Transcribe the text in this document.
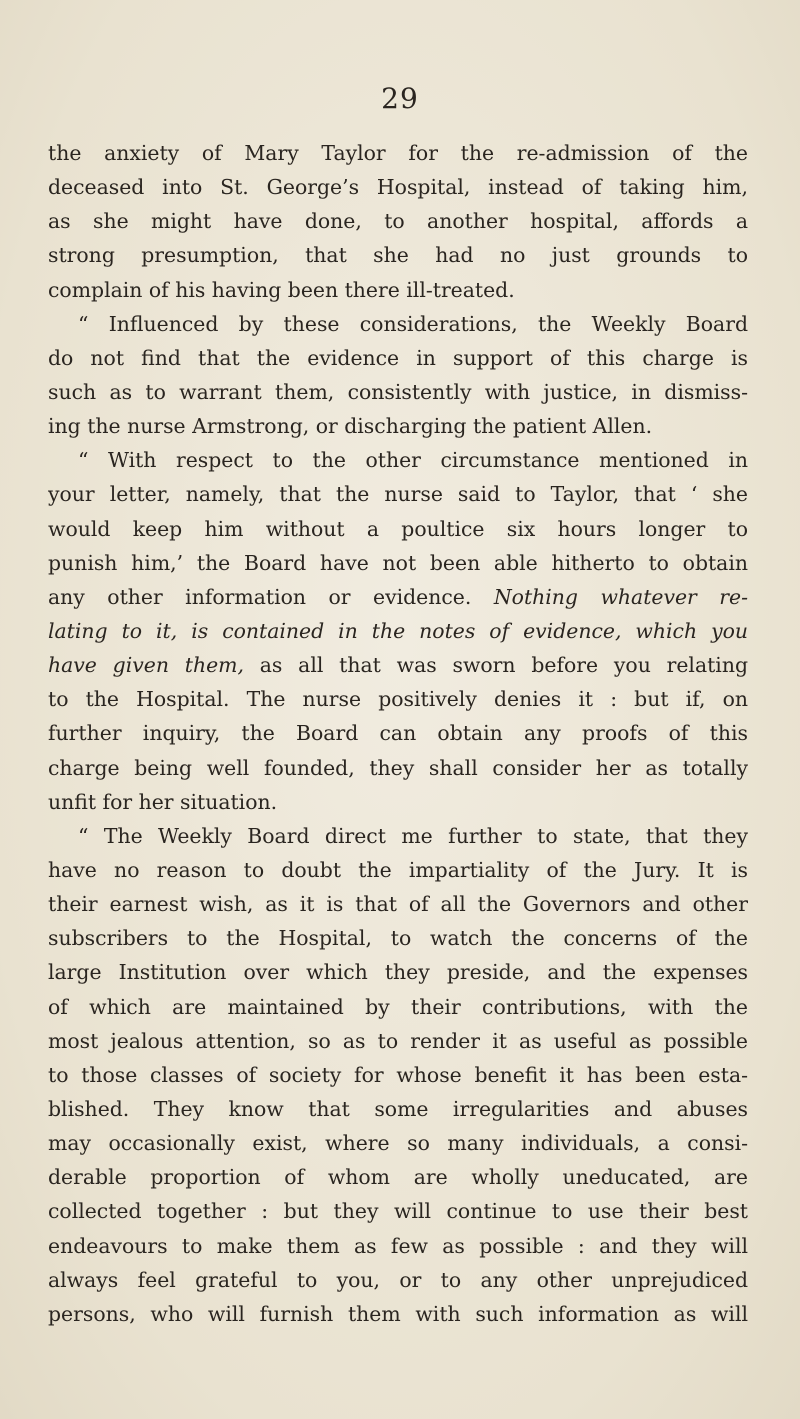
29
the anxiety of Mary Taylor for the re-admission of the
deceased into St. George’s Hospital, instead of taking him,
as she might have done, to another hospital, affords a
strong presumption, that she had no just grounds to
complain of his having been there ill-treated.
“ Influenced by these considerations, the Weekly Board
do not find that the evidence in support of this charge is
such as to warrant them, consistently with justice, in dismiss-
ing the nurse Armstrong, or discharging the patient Allen.
“ With respect to the other circumstance mentioned in
your letter, namely, that the nurse said to Taylor, that ‘ she
would keep him without a poultice six hours longer to
punish him,’ the Board have not been able hitherto to obtain
any other information or evidence. Nothing whatever re-
lating to it, is contained in the notes of evidence, which you
have given them, as all that was sworn before you relating
to the Hospital. The nurse positively denies it : but if, on
further inquiry, the Board can obtain any proofs of this
charge being well founded, they shall consider her as totally
unfit for her situation.
“ The Weekly Board direct me further to state, that they
have no reason to doubt the impartiality of the Jury. It is
their earnest wish, as it is that of all the Governors and other
subscribers to the Hospital, to watch the concerns of the
large Institution over which they preside, and the expenses
of which are maintained by their contributions, with the
most jealous attention, so as to render it as useful as possible
to those classes of society for whose benefit it has been esta-
blished. They know that some irregularities and abuses
may occasionally exist, where so many individuals, a consi-
derable proportion of whom are wholly uneducated, are
collected together : but they will continue to use their best
endeavours to make them as few as possible : and they will
always feel grateful to you, or to any other unprejudiced
persons, who will furnish them with such information as will
